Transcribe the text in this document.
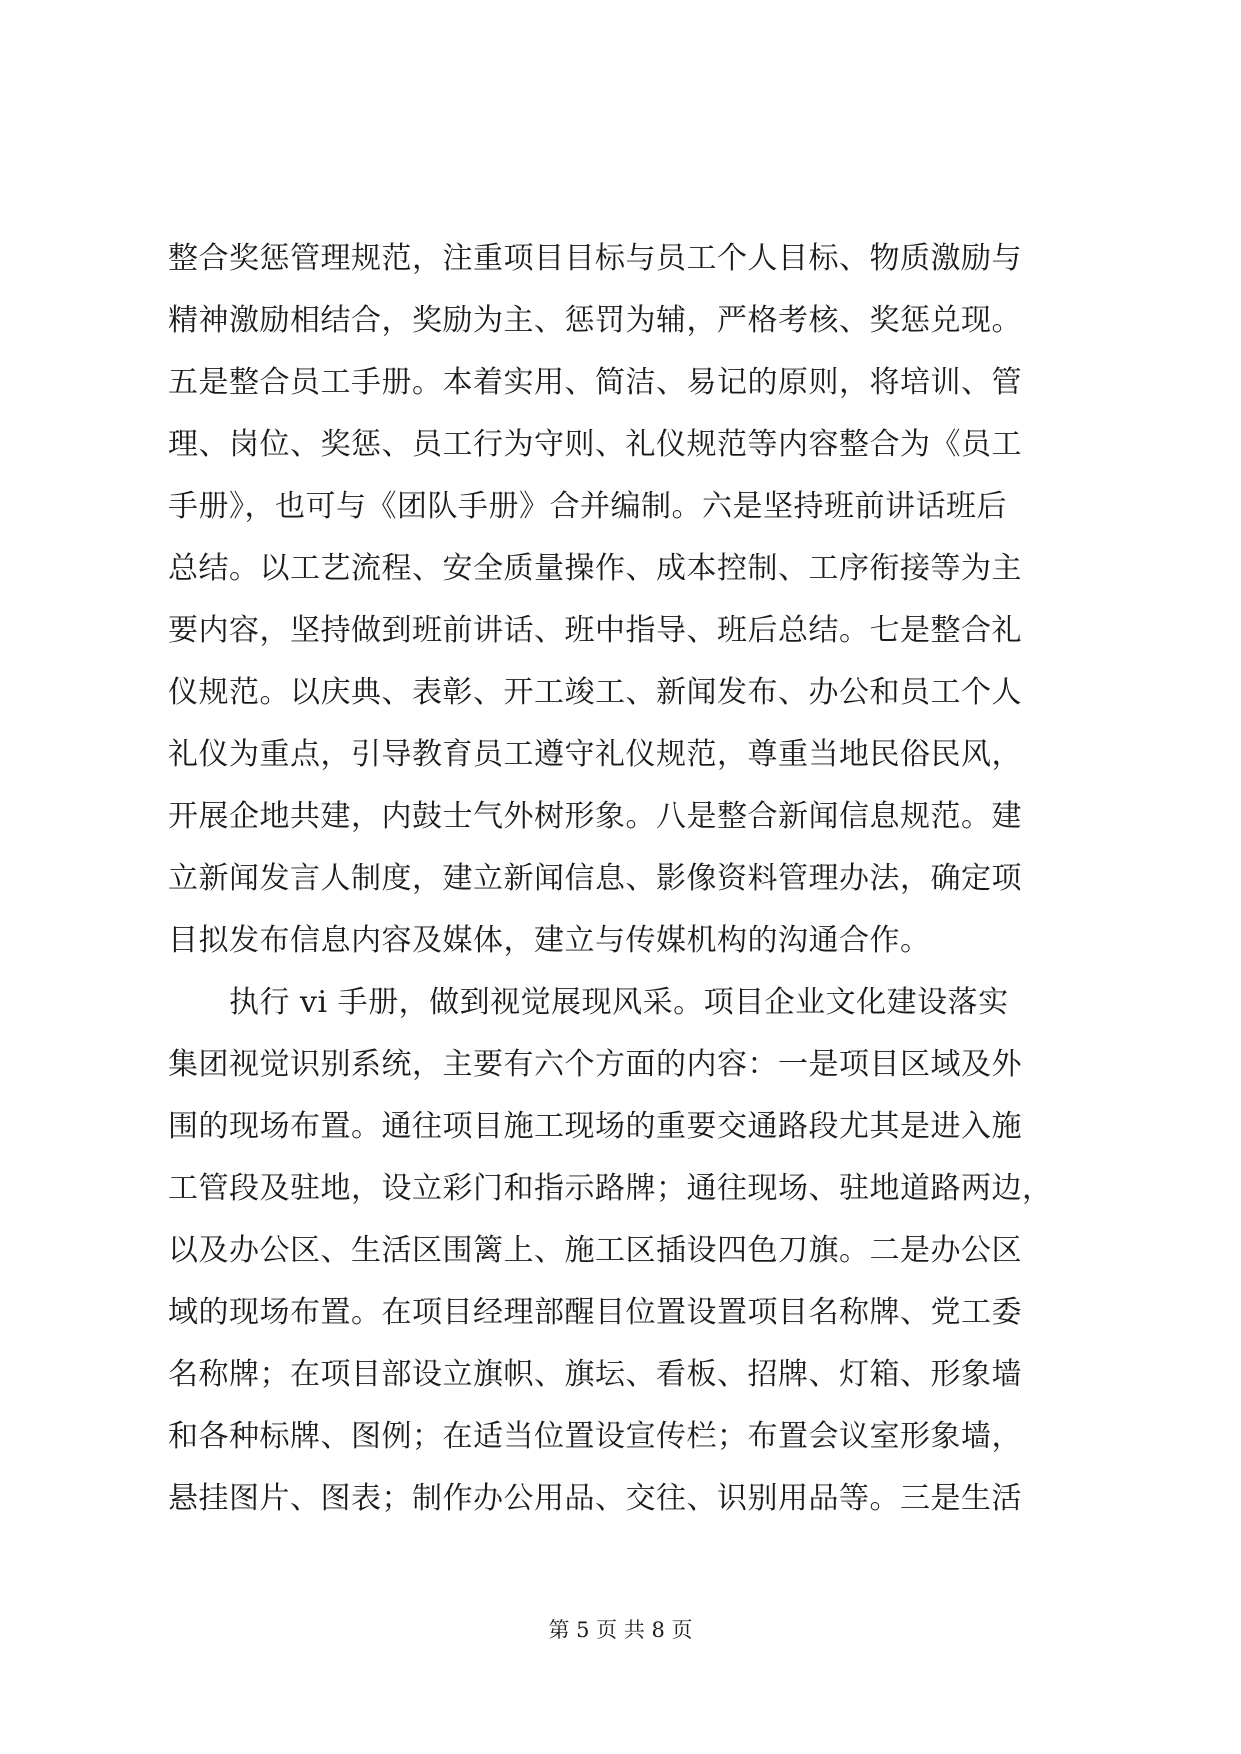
整合奖惩管理规范，注重项目目标与员工个人目标、物质激励与
精神激励相结合，奖励为主、惩罚为辅，严格考核、奖惩兑现。
五是整合员工手册。本着实用、简洁、易记的原则，将培训、管
理、岗位、奖惩、员工行为守则、礼仪规范等内容整合为《员工
手册》，也可与《团队手册》合并编制。六是坚持班前讲话班后
总结。以工艺流程、安全质量操作、成本控制、工序衔接等为主
要内容，坚持做到班前讲话、班中指导、班后总结。七是整合礼
仪规范。以庆典、表彰、开工竣工、新闻发布、办公和员工个人
礼仪为重点，引导教育员工遵守礼仪规范，尊重当地民俗民风，
开展企地共建，内鼓士气外树形象。八是整合新闻信息规范。建
立新闻发言人制度，建立新闻信息、影像资料管理办法，确定项
目拟发布信息内容及媒体，建立与传媒机构的沟通合作。
　　执行 vi 手册，做到视觉展现风采。项目企业文化建设落实
集团视觉识别系统，主要有六个方面的内容：一是项目区域及外
围的现场布置。通往项目施工现场的重要交通路段尤其是进入施
工管段及驻地，设立彩门和指示路牌；通往现场、驻地道路两边，
以及办公区、生活区围篱上、施工区插设四色刀旗。二是办公区
域的现场布置。在项目经理部醒目位置设置项目名称牌、党工委
名称牌；在项目部设立旗帜、旗坛、看板、招牌、灯箱、形象墙
和各种标牌、图例；在适当位置设宣传栏；布置会议室形象墙，
悬挂图片、图表；制作办公用品、交往、识别用品等。三是生活
第 5 页 共 8 页
